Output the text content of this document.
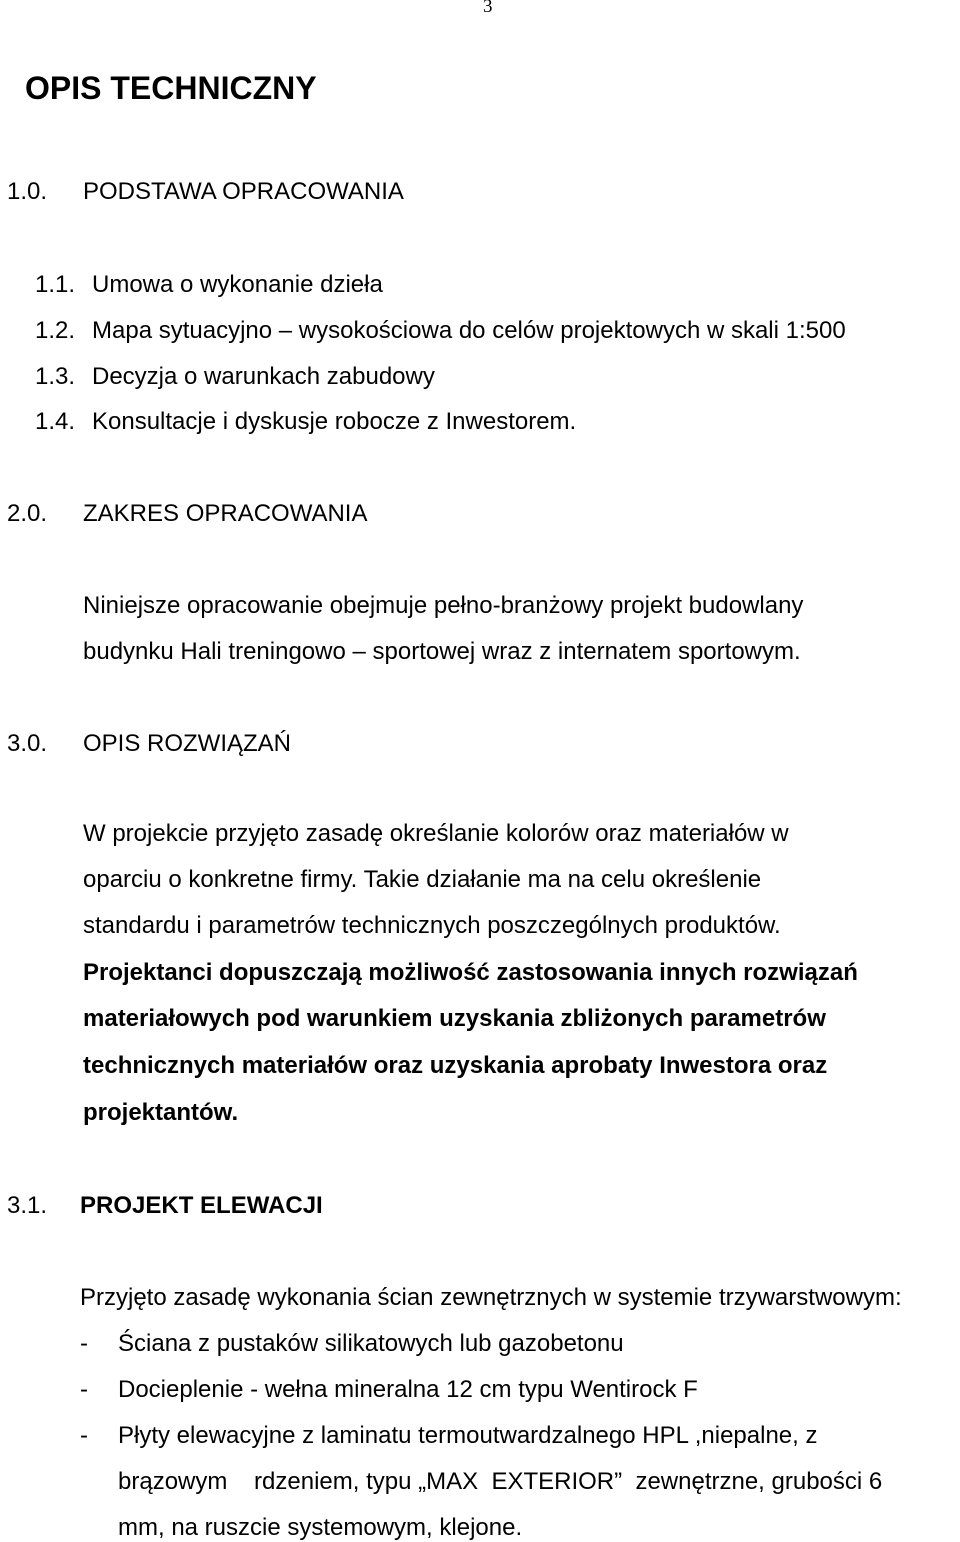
3
OPIS TECHNICZNY
1.0. PODSTAWA OPRACOWANIA
1.1. Umowa o wykonanie dzieła
1.2. Mapa sytuacyjno – wysokościowa do celów projektowych w skali 1:500
1.3. Decyzja o warunkach zabudowy
1.4. Konsultacje i dyskusje robocze z Inwestorem.
2.0. ZAKRES OPRACOWANIA
Niniejsze opracowanie obejmuje pełno-branżowy projekt budowlany
budynku Hali treningowo – sportowej wraz z internatem sportowym.
3.0. OPIS ROZWIĄZAŃ
W projekcie przyjęto zasadę określanie kolorów oraz materiałów w
oparciu o konkretne firmy. Takie działanie ma na celu określenie
standardu i parametrów technicznych poszczególnych produktów.
Projektanci dopuszczają możliwość zastosowania innych rozwiązań
materiałowych pod warunkiem uzyskania zbliżonych parametrów
technicznych materiałów oraz uzyskania aprobaty Inwestora oraz
projektantów.
3.1. PROJEKT ELEWACJI
Przyjęto zasadę wykonania ścian zewnętrznych w systemie trzywarstwowym:
- Ściana z pustaków silikatowych lub gazobetonu
- Docieplenie - wełna mineralna 12 cm typu Wentirock F
- Płyty elewacyjne z laminatu termoutwardzalnego HPL ,niepalne, z
brązowym    rdzeniem, typu „MAX  EXTERIOR”  zewnętrzne, grubości 6
mm, na ruszcie systemowym, klejone.
